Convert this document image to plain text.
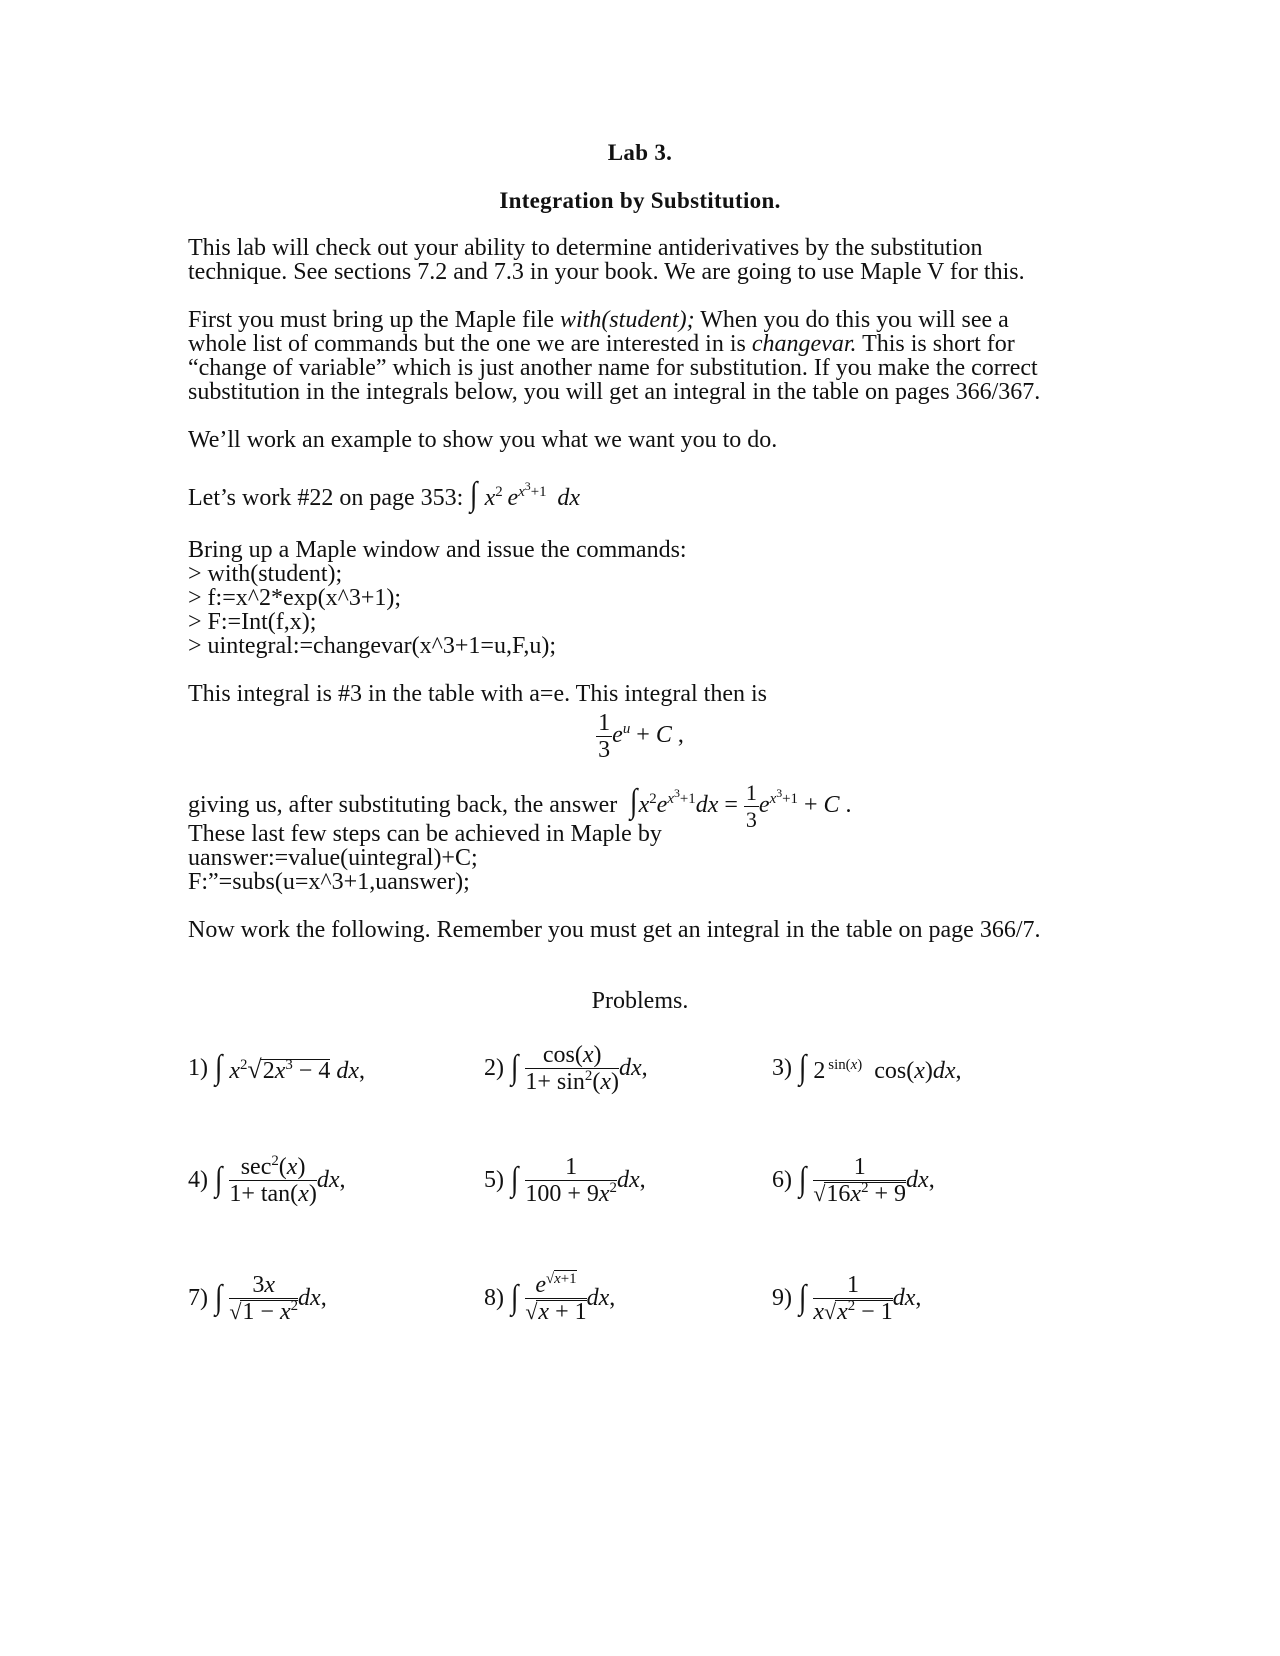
Lab 3.
Integration by Substitution.
This lab will check out your ability to determine antiderivatives by the substitution
technique. See sections 7.2 and 7.3 in your book. We are going to use Maple V for this.
First you must bring up the Maple file with(student); When you do this you will see a
whole list of commands but the one we are interested in is changevar. This is short for
“change of variable” which is just another name for substitution. If you make the correct
substitution in the integrals below, you will get an integral in the table on pages 366/367.
We’ll work an example to show you what we want you to do.
Let’s work #22 on page 353: ∫ $x^2$  $e^{x^3+1}$  dx
Bring up a Maple window and issue the commands:
> with(student);
> f:=x^2*exp(x^3+1);
> F:=Int(f,x);
> uintegral:=changevar(x^3+1=u,F,u);
This integral is #3 in the table with a=e. This integral then is
$\frac{1}{3} e^u + C$ ,
giving us, after substituting back, the answer $\int x^2e^{x^3+1}dx = \frac{1}{3} e^{x^3+1} + C$ .
These last few steps can be achieved in Maple by
uanswer:=value(uintegral)+C;
F:”=subs(u=x^3+1,uanswer);
Now work the following. Remember you must get an integral in the table on page 366/7.
Problems.
1) ∫ $x^2√2x^3 - 4$ dx,	2) ∫
$\frac{\cos(x)}{1+ \sin^2(x)}$ dx ,	3) ∫ 2 $^{sin(x)}$  cos(x)dx,
4) ∫
$\frac{\sec^2(x)}{1+ \tan(x)}$ dx ,	5) ∫
$\frac{1}{100 + 9x^2}$ dx ,	6) ∫
$\frac{1}{√16x^2 + 9}$ dx ,
7) ∫
$\frac{3x}{√1 - x^2}$ dx ,	8) ∫
$\frac{e^{√x+1}}{√x + 1}$ dx ,	9) ∫
$\frac{1}{x√x^2 - 1}$ dx ,
